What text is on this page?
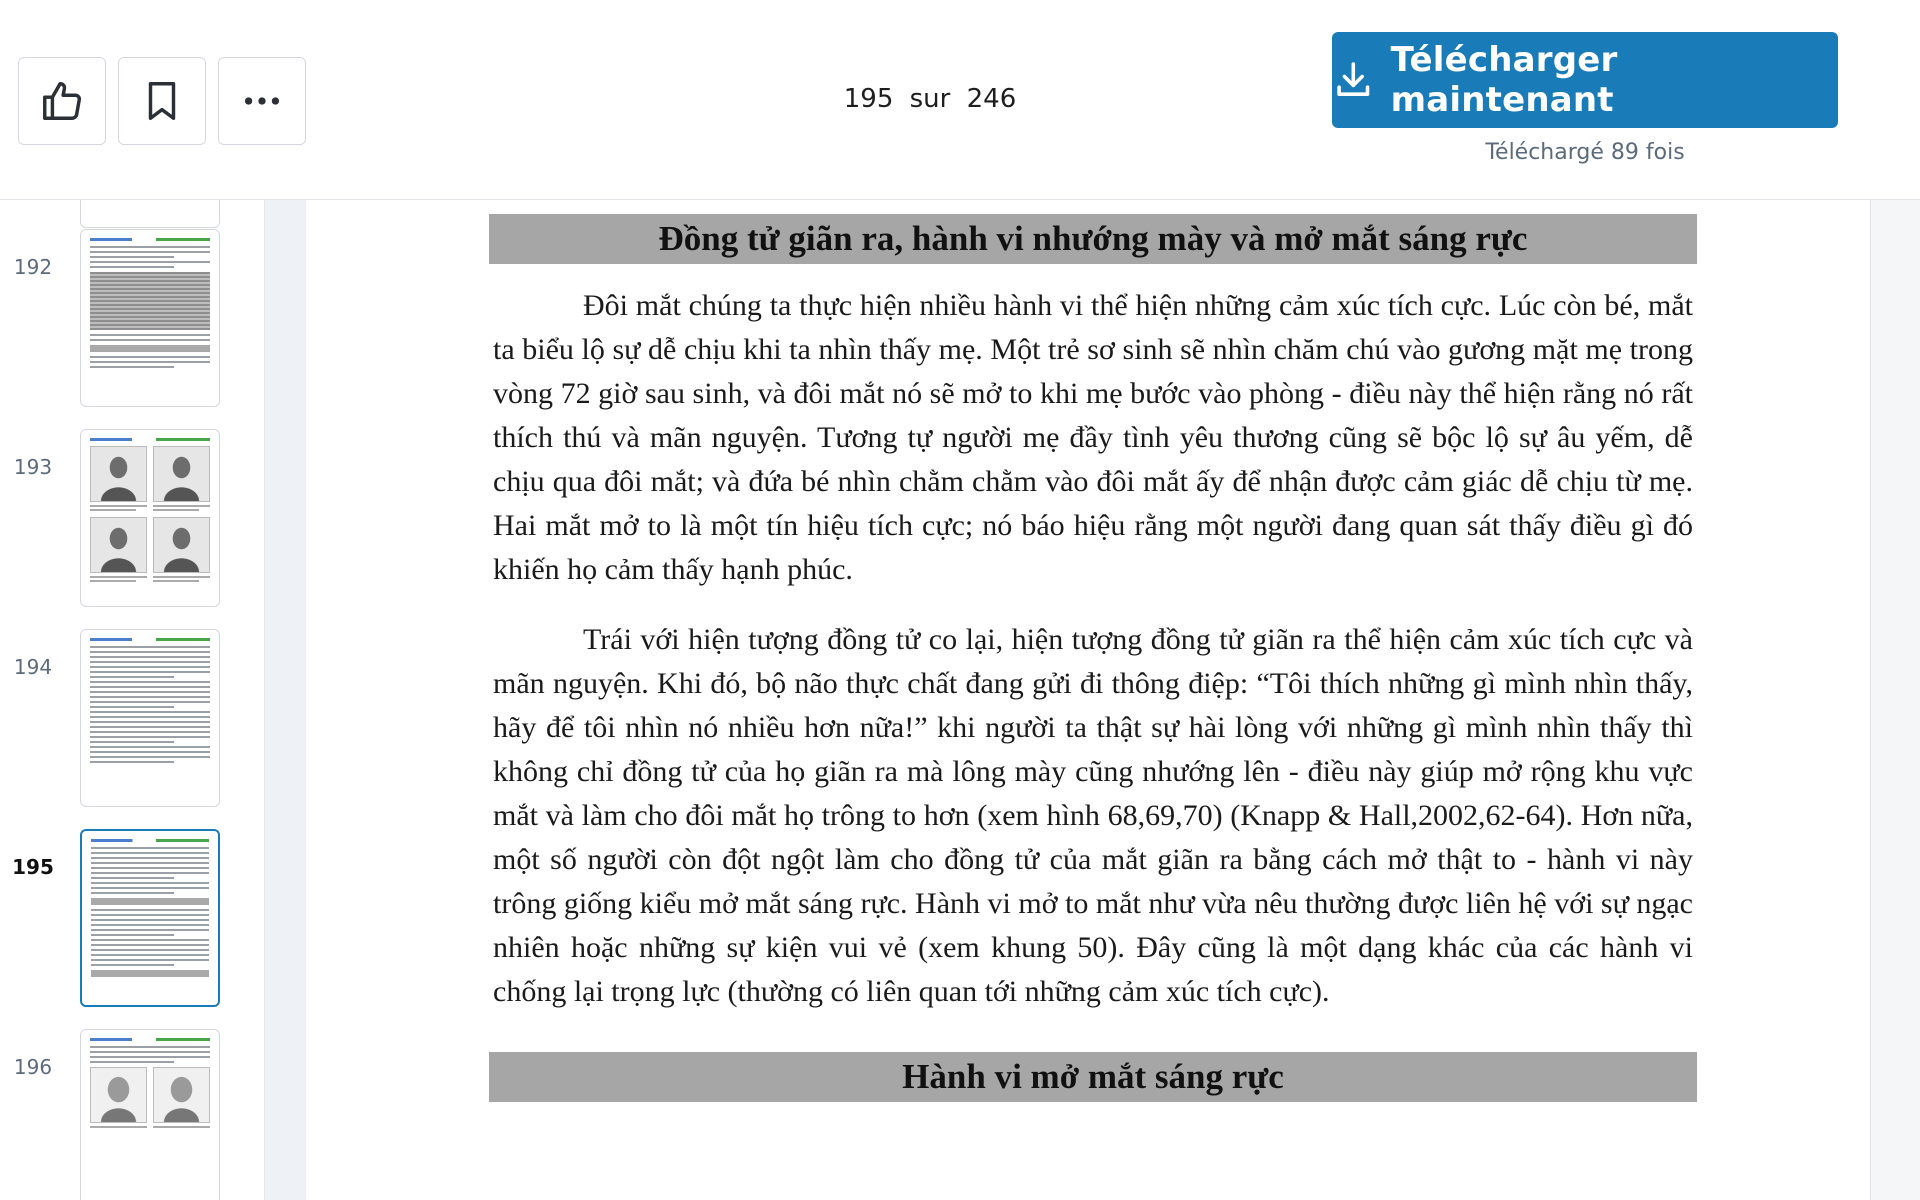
195 sur 246
Télécharger maintenant
Téléchargé 89 fois
192
193
194
195
196
Đồng tử giãn ra, hành vi nhướng mày và mở mắt sáng rực

Đôi mắt chúng ta thực hiện nhiều hành vi thể hiện những cảm xúc tích cực. Lúc còn bé, mắt ta biểu lộ sự dễ chịu khi ta nhìn thấy mẹ. Một trẻ sơ sinh sẽ nhìn chăm chú vào gương mặt mẹ trong vòng 72 giờ sau sinh, và đôi mắt nó sẽ mở to khi mẹ bước vào phòng - điều này thể hiện rằng nó rất thích thú và mãn nguyện. Tương tự người mẹ đầy tình yêu thương cũng sẽ bộc lộ sự âu yếm, dễ chịu qua đôi mắt; và đứa bé nhìn chằm chằm vào đôi mắt ấy để nhận được cảm giác dễ chịu từ mẹ. Hai mắt mở to là một tín hiệu tích cực; nó báo hiệu rằng một người đang quan sát thấy điều gì đó khiến họ cảm thấy hạnh phúc.

Trái với hiện tượng đồng tử co lại, hiện tượng đồng tử giãn ra thể hiện cảm xúc tích cực và mãn nguyện. Khi đó, bộ não thực chất đang gửi đi thông điệp: “Tôi thích những gì mình nhìn thấy, hãy để tôi nhìn nó nhiều hơn nữa!” khi người ta thật sự hài lòng với những gì mình nhìn thấy thì không chỉ đồng tử của họ giãn ra mà lông mày cũng nhướng lên - điều này giúp mở rộng khu vực mắt và làm cho đôi mắt họ trông to hơn (xem hình 68,69,70) (Knapp & Hall,2002,62-64). Hơn nữa, một số người còn đột ngột làm cho đồng tử của mắt giãn ra bằng cách mở thật to - hành vi này trông giống kiểu mở mắt sáng rực. Hành vi mở to mắt như vừa nêu thường được liên hệ với sự ngạc nhiên hoặc những sự kiện vui vẻ (xem khung 50). Đây cũng là một dạng khác của các hành vi chống lại trọng lực (thường có liên quan tới những cảm xúc tích cực).

Hành vi mở mắt sáng rực
